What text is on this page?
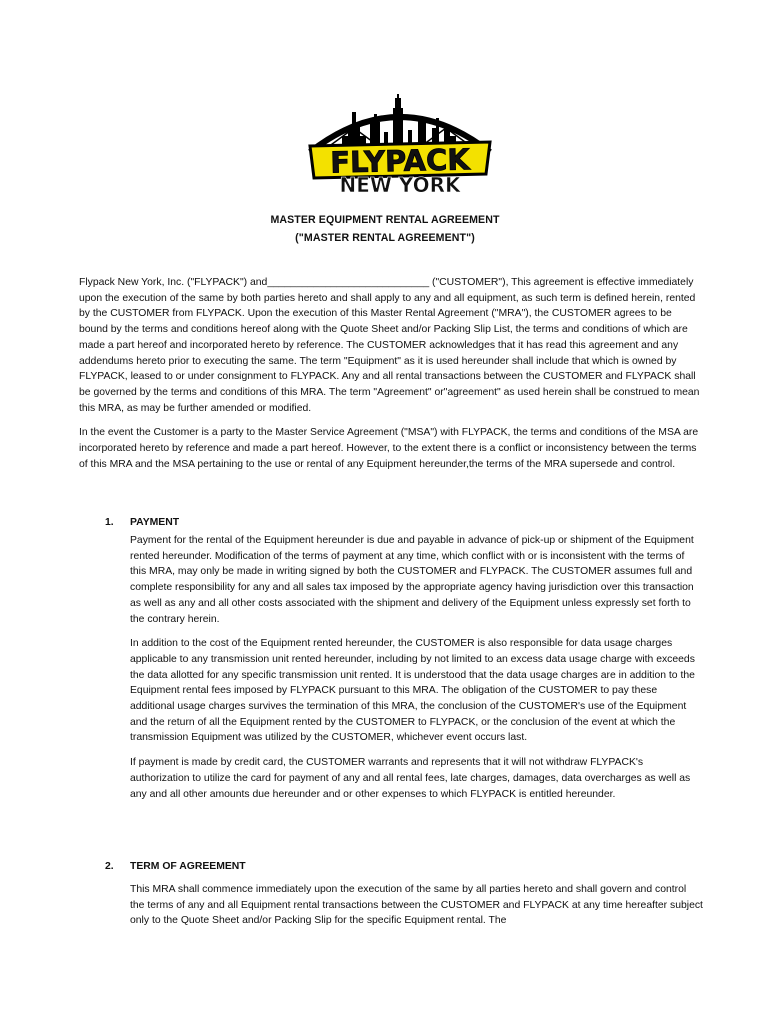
FLYPACK
NEW YORK
MASTER EQUIPMENT RENTAL AGREEMENT
("MASTER RENTAL AGREEMENT")

Flypack New York, Inc. ("FLYPACK") and____________________________ ("CUSTOMER"), This agreement is effective immediately upon the execution of the same by both parties hereto and shall apply to any and all equipment, as such term is defined herein, rented by the CUSTOMER from FLYPACK. Upon the execution of this Master Rental Agreement ("MRA"), the CUSTOMER agrees to be bound by the terms and conditions hereof along with the Quote Sheet and/or Packing Slip List, the terms and conditions of which are made a part hereof and incorporated hereto by reference. The CUSTOMER acknowledges that it has read this agreement and any addendums hereto prior to executing the same. The term "Equipment" as it is used hereunder shall include that which is owned by FLYPACK, leased to or under consignment to FLYPACK. Any and all rental transactions between the CUSTOMER and FLYPACK shall be governed by the terms and conditions of this MRA. The term "Agreement" or"agreement" as used herein shall be construed to mean this MRA, as may be further amended or modified.

In the event the Customer is a party to the Master Service Agreement ("MSA") with FLYPACK, the terms and conditions of the MSA are incorporated hereto by reference and made a part hereof. However, to the extent there is a conflict or inconsistency between the terms of this MRA and the MSA pertaining to the use or rental of any Equipment hereunder,the terms of the MRA supersede and control.

1. PAYMENT

Payment for the rental of the Equipment hereunder is due and payable in advance of pick-up or shipment of the Equipment rented hereunder. Modification of the terms of payment at any time, which conflict with or is inconsistent with the terms of this MRA, may only be made in writing signed by both the CUSTOMER and FLYPACK. The CUSTOMER assumes full and complete responsibility for any and all sales tax imposed by the appropriate agency having jurisdiction over this transaction as well as any and all other costs associated with the shipment and delivery of the Equipment unless expressly set forth to the contrary herein.

In addition to the cost of the Equipment rented hereunder, the CUSTOMER is also responsible for data usage charges applicable to any transmission unit rented hereunder, including by not limited to an excess data usage charge with exceeds the data allotted for any specific transmission unit rented. It is understood that the data usage charges are in addition to the Equipment rental fees imposed by FLYPACK pursuant to this MRA. The obligation of the CUSTOMER to pay these additional usage charges survives the termination of this MRA, the conclusion of the CUSTOMER's use of the Equipment and the return of all the Equipment rented by the CUSTOMER to FLYPACK, or the conclusion of the event at which the transmission Equipment was utilized by the CUSTOMER, whichever event occurs last.

If payment is made by credit card, the CUSTOMER warrants and represents that it will not withdraw FLYPACK's authorization to utilize the card for payment of any and all rental fees, late charges, damages, data overcharges as well as any and all other amounts due hereunder and or other expenses to which FLYPACK is entitled hereunder.

2. TERM OF AGREEMENT

This MRA shall commence immediately upon the execution of the same by all parties hereto and shall govern and control the terms of any and all Equipment rental transactions between the CUSTOMER and FLYPACK at any time hereafter subject only to the Quote Sheet and/or Packing Slip for the specific Equipment rental. The
